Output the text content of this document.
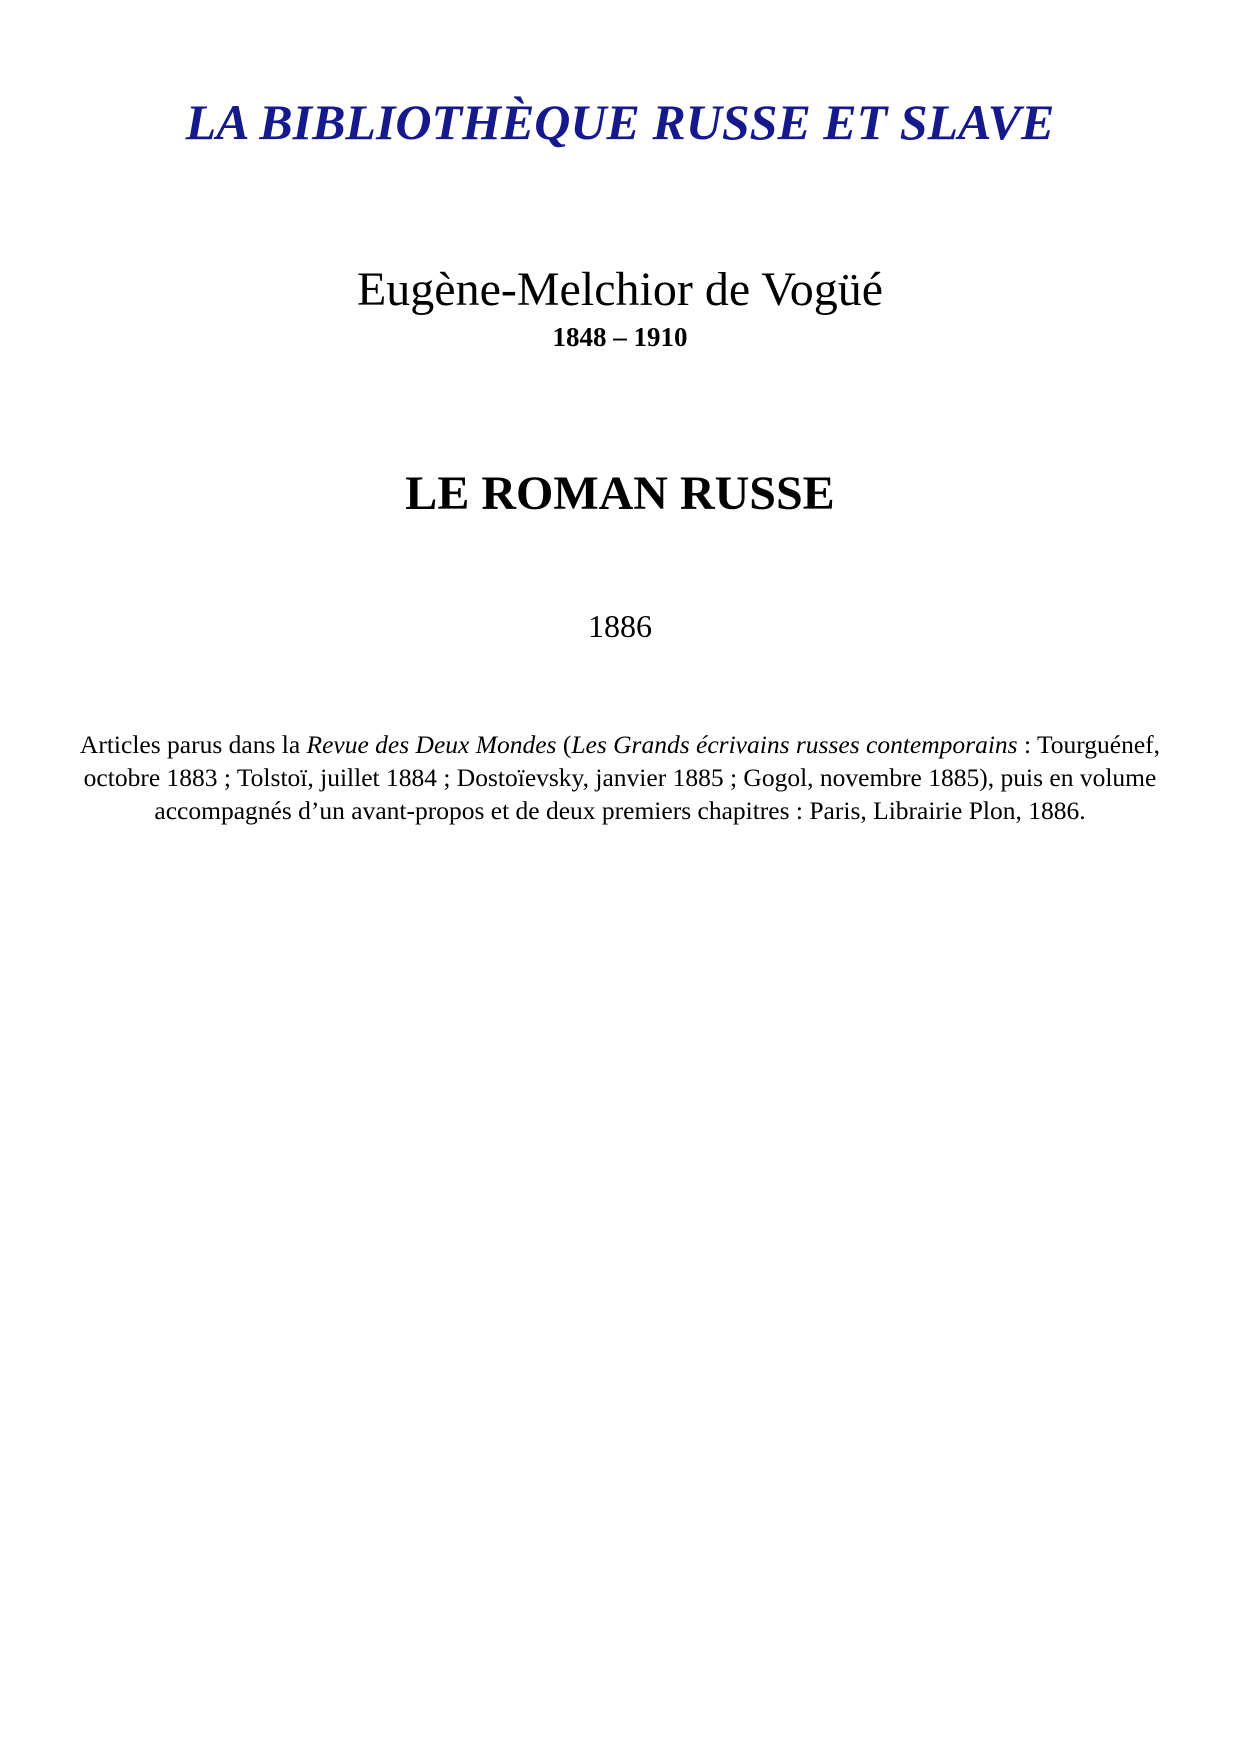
LA BIBLIOTHÈQUE RUSSE ET SLAVE
Eugène-Melchior de Vogüé
1848 – 1910
LE ROMAN RUSSE
1886
Articles parus dans la Revue des Deux Mondes (Les Grands écrivains russes contemporains : Tourguénef, octobre 1883 ; Tolstoï, juillet 1884 ; Dostoïevsky, janvier 1885 ; Gogol, novembre 1885), puis en volume accompagnés d’un avant-propos et de deux premiers chapitres : Paris, Librairie Plon, 1886.
